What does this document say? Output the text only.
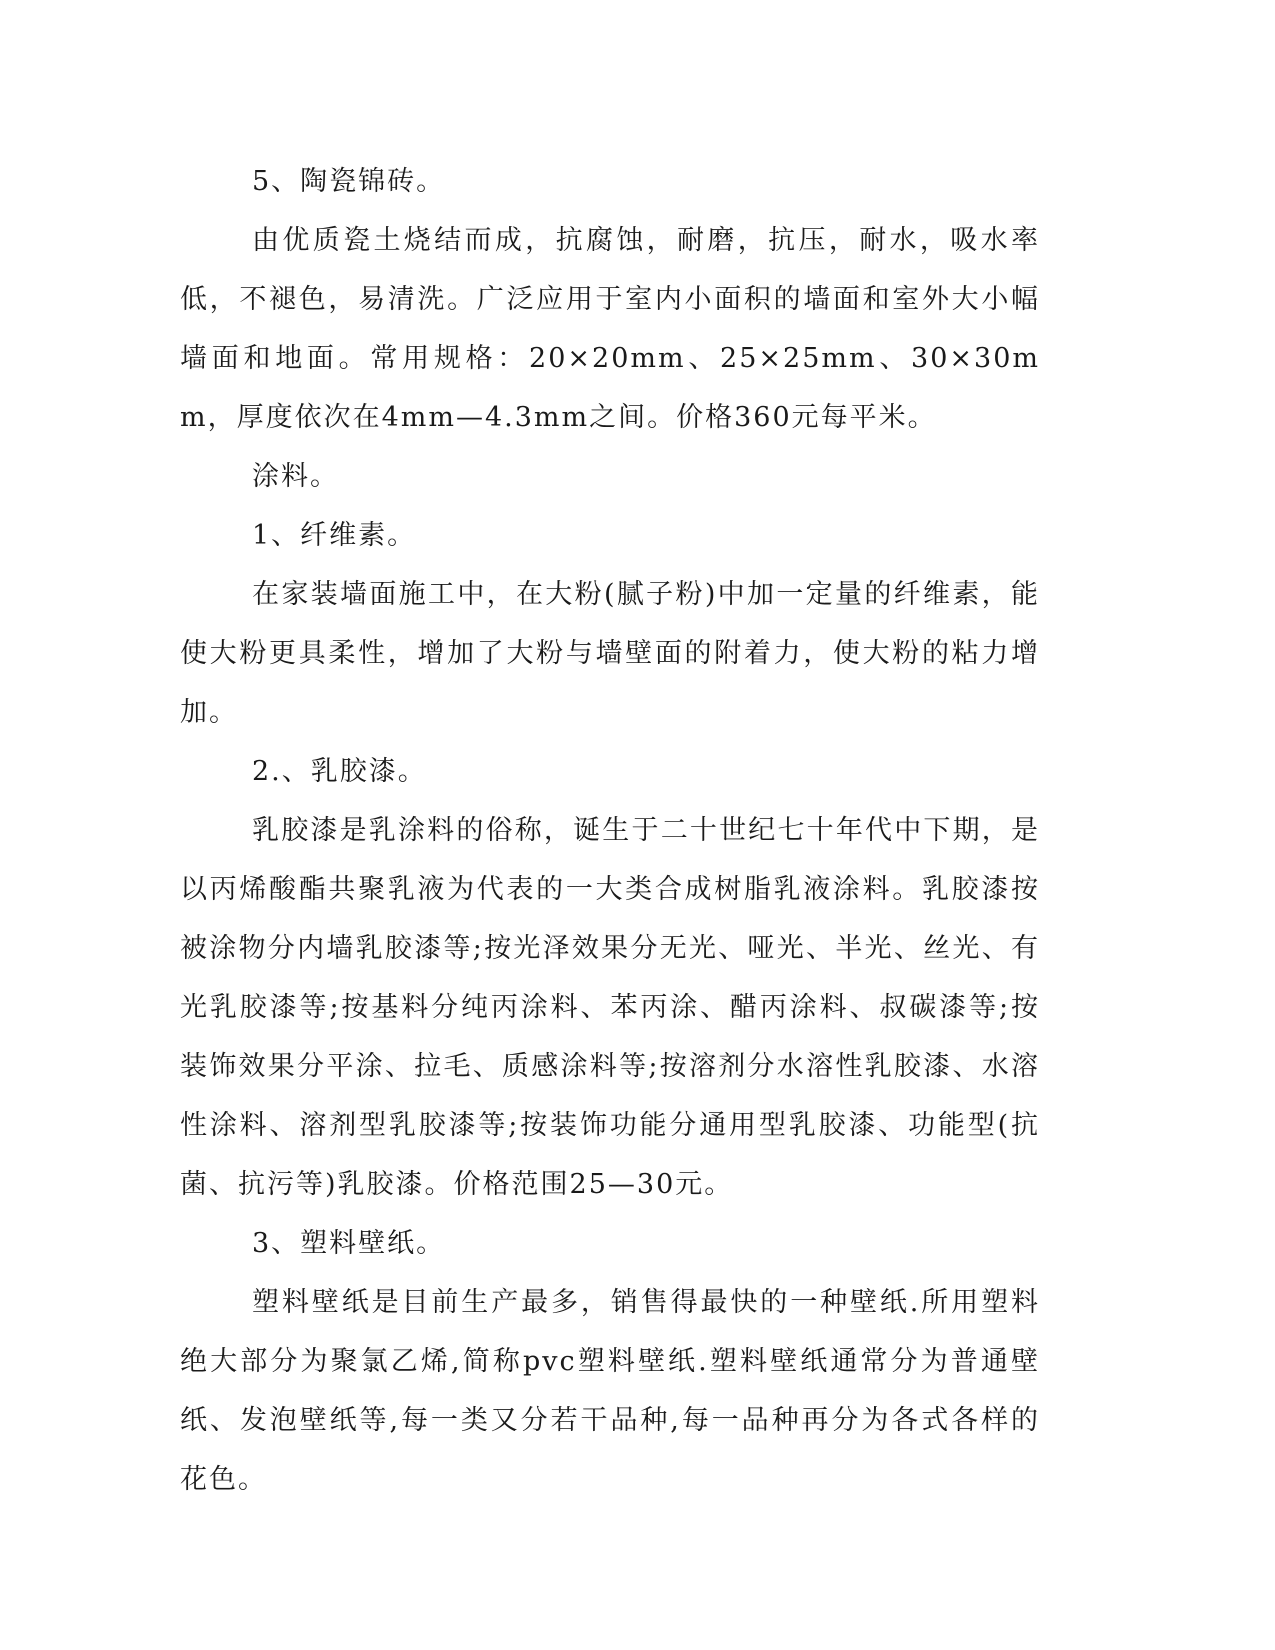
5、陶瓷锦砖。

由优质瓷土烧结而成，抗腐蚀，耐磨，抗压，耐水，吸水率低，不褪色，易清洗。广泛应用于室内小面积的墙面和室外大小幅墙面和地面。常用规格：20×20mm、25×25mm、30×30mm，厚度依次在4mm—4.3mm之间。价格360元每平米。

涂料。

1、纤维素。

在家装墙面施工中，在大粉(腻子粉)中加一定量的纤维素，能使大粉更具柔性，增加了大粉与墙壁面的附着力，使大粉的粘力增加。

2.、乳胶漆。

乳胶漆是乳涂料的俗称，诞生于二十世纪七十年代中下期，是以丙烯酸酯共聚乳液为代表的一大类合成树脂乳液涂料。乳胶漆按被涂物分内墙乳胶漆等;按光泽效果分无光、哑光、半光、丝光、有光乳胶漆等;按基料分纯丙涂料、苯丙涂、醋丙涂料、叔碳漆等;按装饰效果分平涂、拉毛、质感涂料等;按溶剂分水溶性乳胶漆、水溶性涂料、溶剂型乳胶漆等;按装饰功能分通用型乳胶漆、功能型(抗菌、抗污等)乳胶漆。价格范围25—30元。

3、塑料壁纸。

塑料壁纸是目前生产最多，销售得最快的一种壁纸.所用塑料绝大部分为聚氯乙烯,简称pvc塑料壁纸.塑料壁纸通常分为普通壁纸、发泡壁纸等,每一类又分若干品种,每一品种再分为各式各样的花色。
